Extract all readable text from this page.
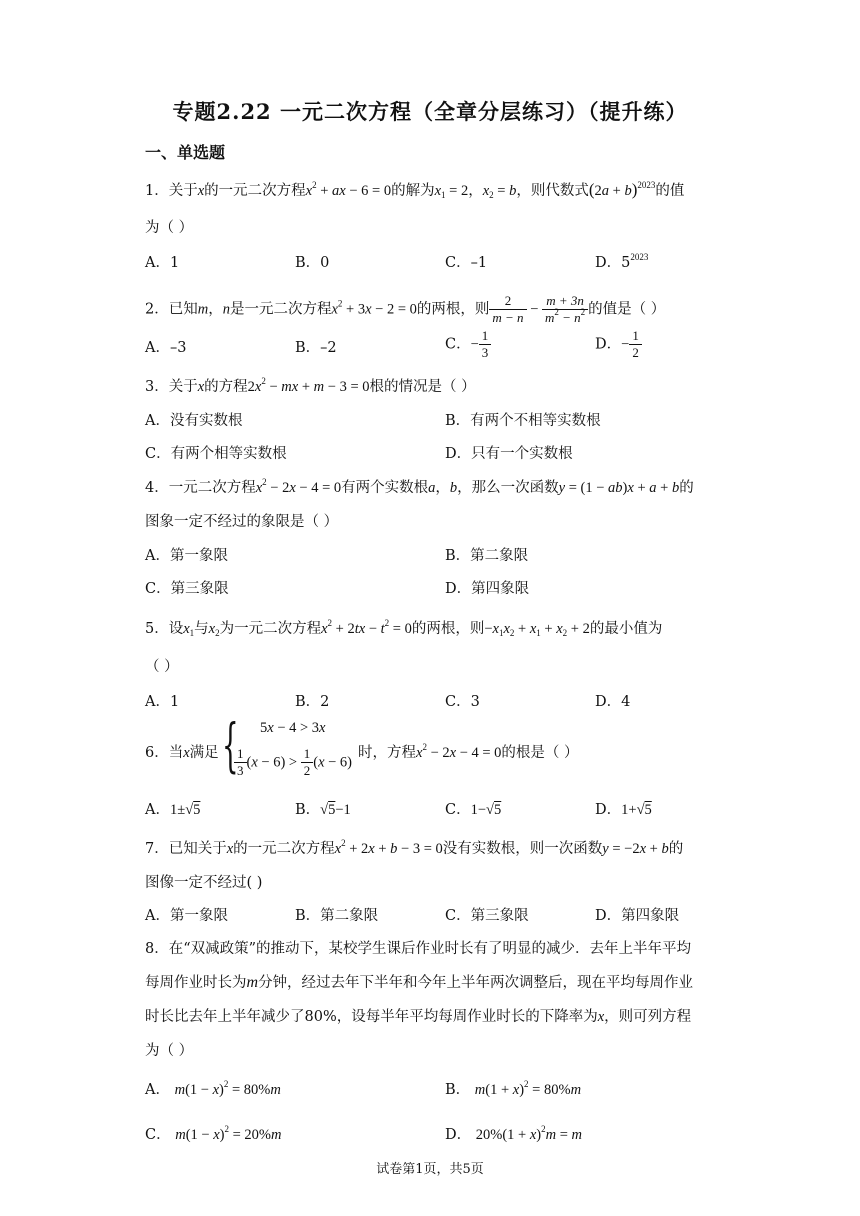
专题2.22 一元二次方程（全章分层练习）（提升练）
一、单选题
1．关于x的一元二次方程$x^2$ + ax − 6 = 0的解为$x_1 = 2$，$x_2 = b$，则代数式$(2a + b)^{2023}$的值
为（ ）
A．1	B．0	C．–1	D．$5^{2023}$
2．已知m，n是一元二次方程$x^2 + 3x - 2 = 0$的两根，则 $\frac{2}{m - n} - \frac{m + 3n}{m^2 - n^2}$ 的值是（ ）
A．–3	B．–2	C．− $\frac{1}{3}$	D．− $\frac{1}{2}$
3．关于x的方程$2x^2$ − mx + m − 3 = 0根的情况是（ ）
A．没有实数根	B．有两个不相等实数根
C．有两个相等实数根	D．只有一个实数根
4．一元二次方程$x^2 - 2x - 4 = 0$有两个实数根a，b，那么一次函数y = (1 − ab)x + a + b的
图象一定不经过的象限是（ ）
A．第一象限	B．第二象限
C．第三象限	D．第四象限
5．设$x_1$与$x_2$为一元二次方程$x^2 + 2tx - t^2 = 0$的两根，则$-x_1x_2 + x_1 + x_2 + 2$的最小值为
（ ）
A．1	B．2	C．3	D．4
6．当x满足 { 5x − 4 > 3x
$\frac{1}{3} (x - 6) > \frac{1}{2} (x - 6)$
时，方程$x^2 - 2x - 4 = 0$的根是（ ）
A．1±√5	B．√5−1	C．1−√5	D．1+√5
7．已知关于x的一元二次方程$x^2 + 2x + b - 3 = 0$没有实数根，则一次函数y = −2x + b的
图像一定不经过( )
A．第一象限	B．第二象限	C．第三象限	D．第四象限
8．在“双减政策”的推动下，某校学生课后作业时长有了明显的减少．去年上半年平均
每周作业时长为m分钟，经过去年下半年和今年上半年两次调整后，现在平均每周作业
时长比去年上半年减少了80%，设每半年平均每周作业时长的下降率为x，则可列方程
为（ ）
A． $m(1 - x)^2 = 80\%m$	B． $m(1 + x)^2 = 80\%m$
C． $m(1 - x)^2 = 20\%m$	D． $20\%(1 + x)^2m = m$
试卷第1页，共5页
